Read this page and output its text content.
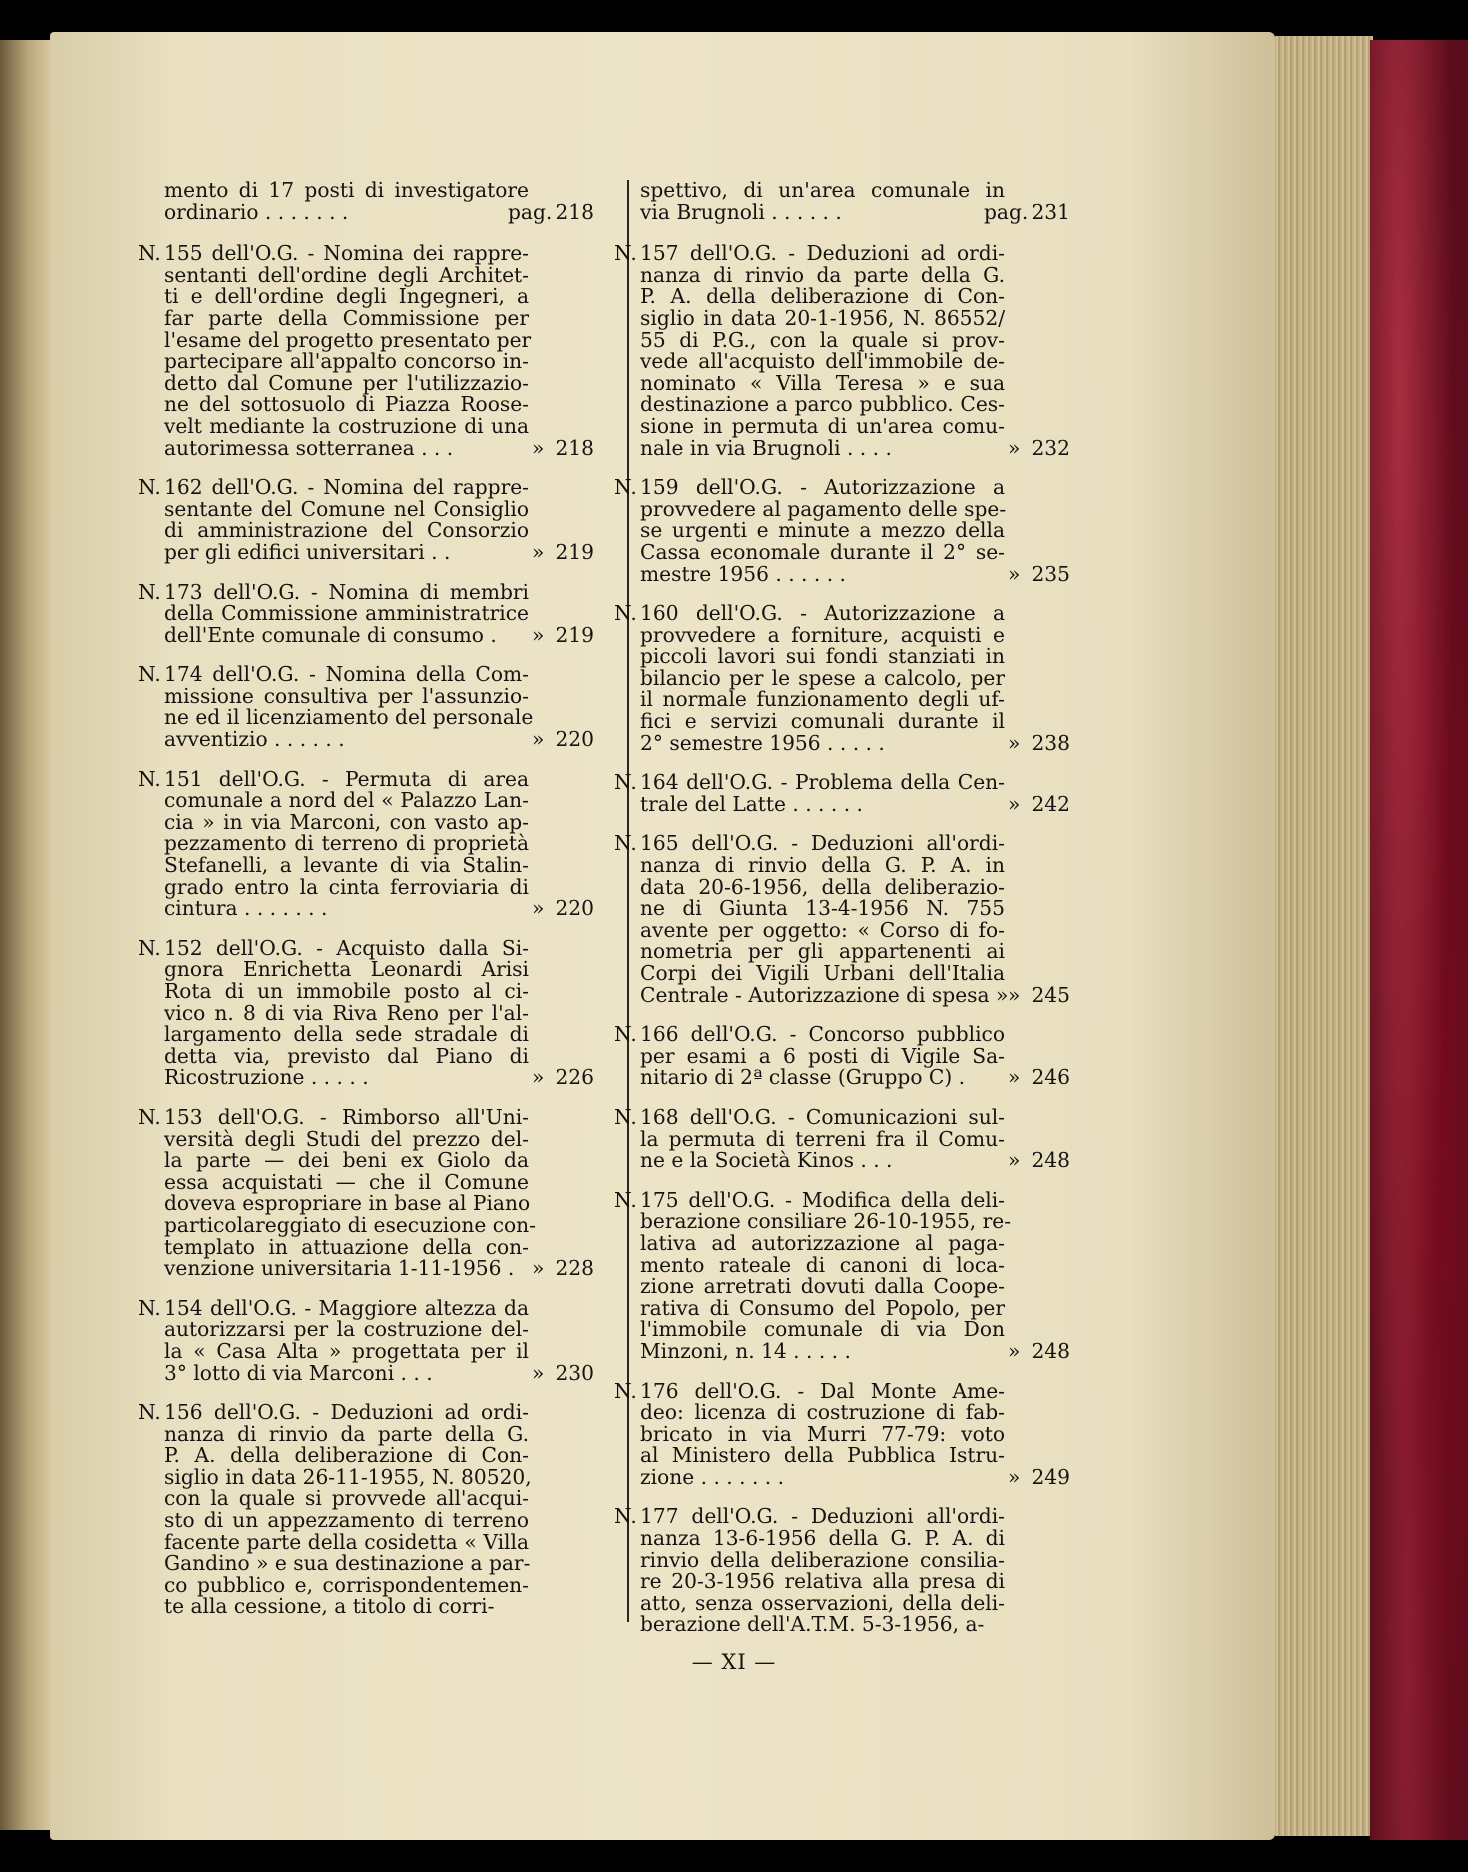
mento di 17 posti di investigatore
ordinario . . . . . . .	pag. 218
N. 155 dell'O.G. - Nomina dei rappre-
sentanti dell'ordine degli Architet-
ti e dell'ordine degli Ingegneri, a
far parte della Commissione per
l'esame del progetto presentato per
partecipare all'appalto concorso in-
detto dal Comune per l'utilizzazio-
ne del sottosuolo di Piazza Roose-
velt mediante la costruzione di una
autorimessa sotterranea . . .	» 218
N. 162 dell'O.G. - Nomina del rappre-
sentante del Comune nel Consiglio
di amministrazione del Consorzio
per gli edifici universitari . .	» 219
N. 173 dell'O.G. - Nomina di membri
della Commissione amministratrice
dell'Ente comunale di consumo .	» 219
N. 174 dell'O.G. - Nomina della Com-
missione consultiva per l'assunzio-
ne ed il licenziamento del personale
avventizio . . . . . .	» 220
N. 151 dell'O.G. - Permuta di area
comunale a nord del « Palazzo Lan-
cia » in via Marconi, con vasto ap-
pezzamento di terreno di proprietà
Stefanelli, a levante di via Stalin-
grado entro la cinta ferroviaria di
cintura . . . . . . .	» 220
N. 152 dell'O.G. - Acquisto dalla Si-
gnora Enrichetta Leonardi Arisi
Rota di un immobile posto al ci-
vico n. 8 di via Riva Reno per l'al-
largamento della sede stradale di
detta via, previsto dal Piano di
Ricostruzione . . . . .	» 226
N. 153 dell'O.G. - Rimborso all'Uni-
versità degli Studi del prezzo del-
la parte — dei beni ex Giolo da
essa acquistati — che il Comune
doveva espropriare in base al Piano
particolareggiato di esecuzione con-
templato in attuazione della con-
venzione universitaria 1-11-1956 . » 228
N. 154 dell'O.G. - Maggiore altezza da
autorizzarsi per la costruzione del-
la « Casa Alta » progettata per il
3° lotto di via Marconi . . .	» 230
N. 156 dell'O.G. - Deduzioni ad ordi-
nanza di rinvio da parte della G.
P. A. della deliberazione di Con-
siglio in data 26-11-1955, N. 80520,
con la quale si provvede all'acqui-
sto di un appezzamento di terreno
facente parte della cosidetta « Villa
Gandino » e sua destinazione a par-
co pubblico e, corrispondentemen-
te alla cessione, a titolo di corri-
spettivo, di un'area comunale in
via Brugnoli . . . . . .	pag. 231
N. 157 dell'O.G. - Deduzioni ad ordi-
nanza di rinvio da parte della G.
P. A. della deliberazione di Con-
siglio in data 20-1-1956, N. 86552/
55 di P.G., con la quale si prov-
vede all'acquisto dell'immobile de-
nominato « Villa Teresa » e sua
destinazione a parco pubblico. Ces-
sione in permuta di un'area comu-
nale in via Brugnoli . . . .	» 232
N. 159 dell'O.G. - Autorizzazione a
provvedere al pagamento delle spe-
se urgenti e minute a mezzo della
Cassa economale durante il 2° se-
mestre 1956 . . . . . .	» 235
N. 160 dell'O.G. - Autorizzazione a
provvedere a forniture, acquisti e
piccoli lavori sui fondi stanziati in
bilancio per le spese a calcolo, per
il normale funzionamento degli uf-
fici e servizi comunali durante il
2° semestre 1956 . . . . .	» 238
N. 164 dell'O.G. - Problema della Cen-
trale del Latte . . . . . .	» 242
N. 165 dell'O.G. - Deduzioni all'ordi-
nanza di rinvio della G. P. A. in
data 20-6-1956, della deliberazio-
ne di Giunta 13-4-1956 N. 755
avente per oggetto: « Corso di fo-
nometria per gli appartenenti ai
Corpi dei Vigili Urbani dell'Italia
Centrale - Autorizzazione di spesa » » 245
N. 166 dell'O.G. - Concorso pubblico
per esami a 6 posti di Vigile Sa-
nitario di 2ª classe (Gruppo C) .	» 246
N. 168 dell'O.G. - Comunicazioni sul-
la permuta di terreni fra il Comu-
ne e la Società Kinos . . .	» 248
N. 175 dell'O.G. - Modifica della deli-
berazione consiliare 26-10-1955, re-
lativa ad autorizzazione al paga-
mento rateale di canoni di loca-
zione arretrati dovuti dalla Coope-
rativa di Consumo del Popolo, per
l'immobile comunale di via Don
Minzoni, n. 14 . . . . .	» 248
N. 176 dell'O.G. - Dal Monte Ame-
deo: licenza di costruzione di fab-
bricato in via Murri 77-79: voto
al Ministero della Pubblica Istru-
zione . . . . . . .	» 249
N. 177 dell'O.G. - Deduzioni all'ordi-
nanza 13-6-1956 della G. P. A. di
rinvio della deliberazione consilia-
re 20-3-1956 relativa alla presa di
atto, senza osservazioni, della deli-
berazione dell'A.T.M. 5-3-1956, a-
— XI —
